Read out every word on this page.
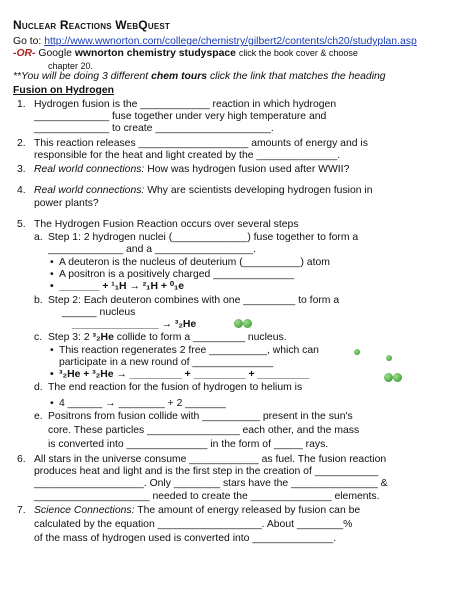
Nuclear Reactions WebQuest
Go to: http://www.wwnorton.com/college/chemistry/gilbert2/contents/ch20/studyplan.asp
-OR- Google wwnorton chemistry studyspace click the book cover & choose
chapter 20.
**You will be doing 3 different chem tours click the link that matches the heading
Fusion on Hydrogen
1. Hydrogen fusion is the ____________ reaction in which hydrogen
_____________ fuse together under very high temperature and
_____________ to create ____________________.
2. This reaction releases ___________________ amounts of energy and is
responsible for the heat and light created by the ______________.
3. Real world connections: How was hydrogen fusion used after WWII?
4. Real world connections: Why are scientists developing hydrogen fusion in
power plants?
5. The Hydrogen Fusion Reaction occurs over several steps
a. Step 1: 2 hydrogen nuclei (_____________) fuse together to form a
_____________ and a _________________.
• A deuteron is the nucleus of deuterium (__________) atom
• A positron is a positively charged ______________
• _______ + ¹₁H → ²₁H + ⁰₁e
b. Step 2: Each deuteron combines with one _________ to form a
______ nucleus
_______________ → ³₂He
c. Step 3: 2 ³₂He collide to form a _________ nucleus.
• This reaction regenerates 2 free __________, which can
participate in a new round of ______________
• ³₂He + ³₂He → _________ + _________ + _________
d. The end reaction for the fusion of hydrogen to helium is
• 4 ______ → ________ + 2 _______
e. Positrons from fusion collide with __________ present in the sun's
core. These particles ________________ each other, and the mass
is converted into ______________ in the form of _____ rays.
6. All stars in the universe consume ____________ as fuel. The fusion reaction
produces heat and light and is the first step in the creation of ___________
___________________. Only ________ stars have the _______________ &
____________________ needed to create the ______________ elements.
7. Science Connections: The amount of energy released by fusion can be
calculated by the equation __________________. About ________%
of the mass of hydrogen used is converted into ______________.
